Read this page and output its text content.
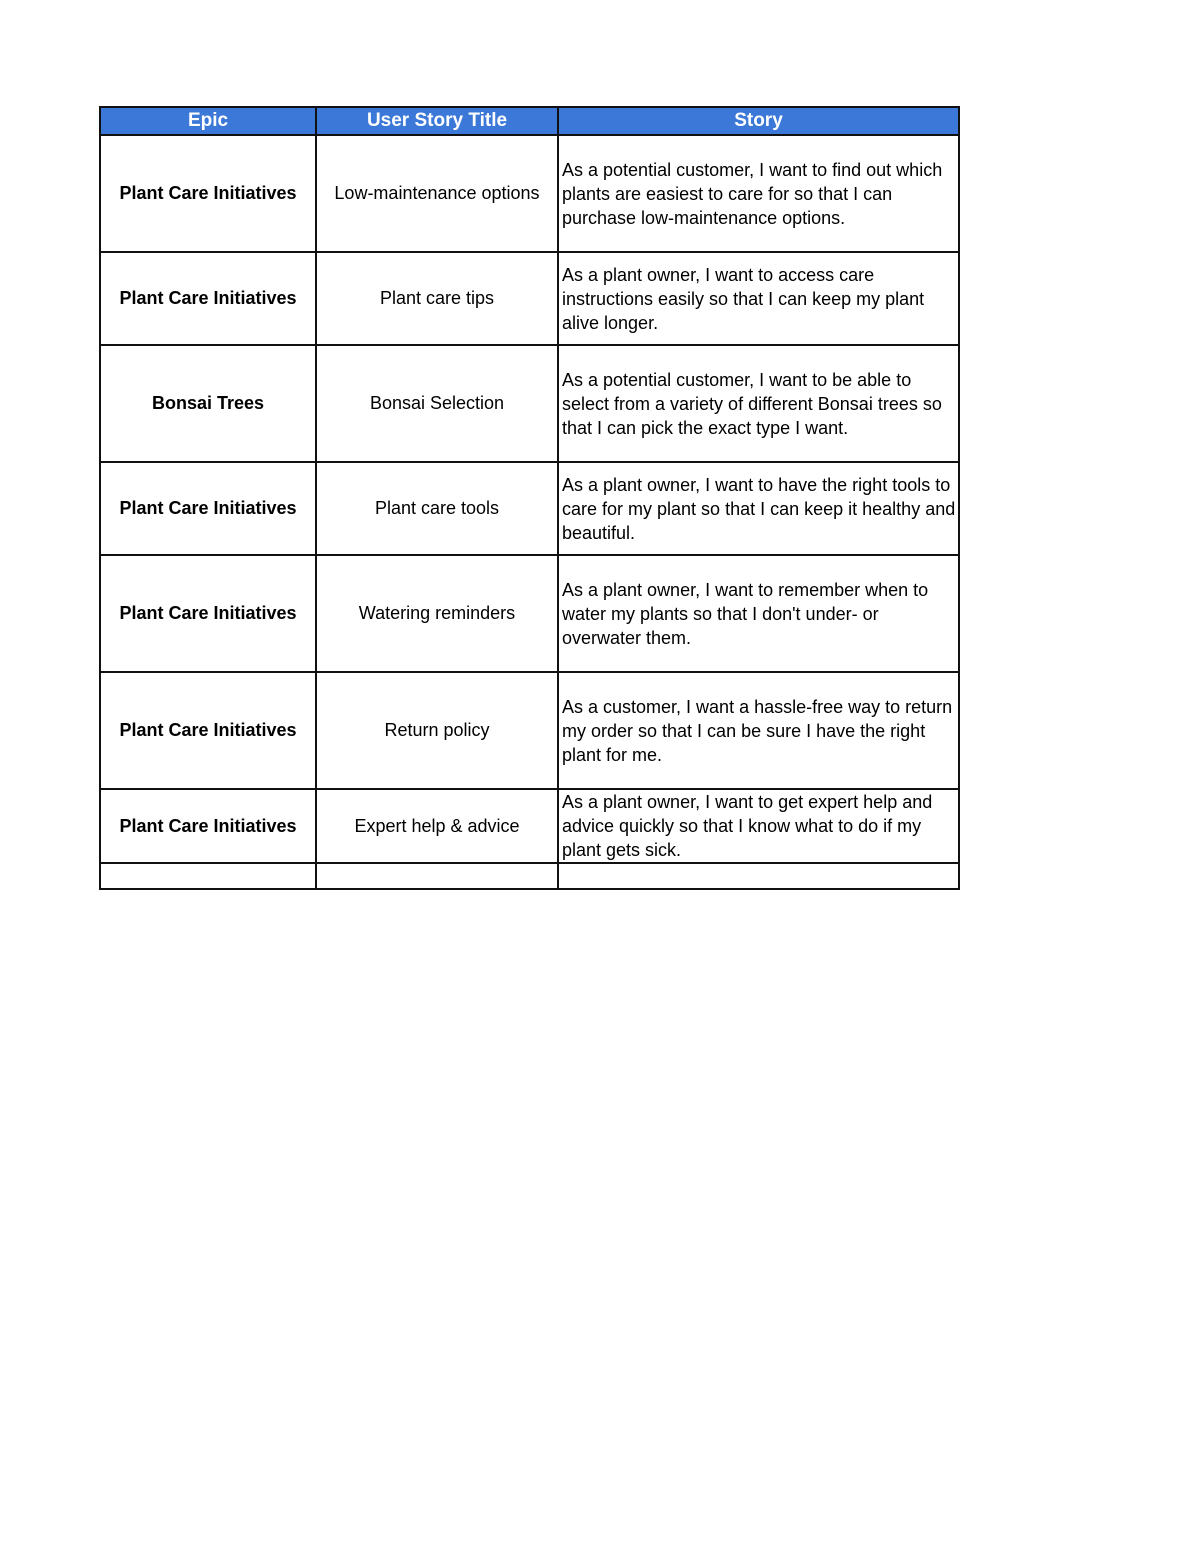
Epic	User Story Title	Story
Plant Care Initiatives	Low-maintenance options	As a potential customer, I want to find out which plants are easiest to care for so that I can purchase low-maintenance options.
Plant Care Initiatives	Plant care tips	As a plant owner, I want to access care instructions easily so that I can keep my plant alive longer.
Bonsai Trees	Bonsai Selection	As a potential customer, I want to be able to select from a variety of different Bonsai trees so that I can pick the exact type I want.
Plant Care Initiatives	Plant care tools	As a plant owner, I want to have the right tools to care for my plant so that I can keep it healthy and beautiful.
Plant Care Initiatives	Watering reminders	As a plant owner, I want to remember when to water my plants so that I don't under- or overwater them.
Plant Care Initiatives	Return policy	As a customer, I want a hassle-free way to return my order so that I can be sure I have the right plant for me.
Plant Care Initiatives	Expert help & advice	As a plant owner, I want to get expert help and advice quickly so that I know what to do if my plant gets sick.
